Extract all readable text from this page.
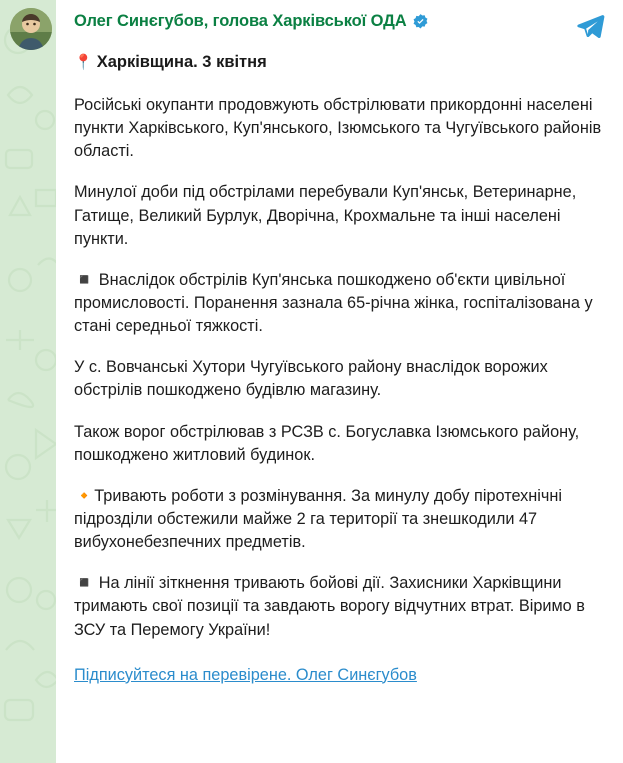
Олег Синєгубов, голова Харківської ОДА
📍 Харківщина. 3 квітня
Російські окупанти продовжують обстрілювати прикордонні населені пункти Харківського, Куп'янського, Ізюмського та Чугуївського районів області.
Минулої доби під обстрілами перебували Куп'янськ, Ветеринарне, Гатище, Великий Бурлук, Дворічна, Крохмальне та інші населені пункти.
◾ Внаслідок обстрілів Куп'янська пошкоджено об'єкти цивільної промисловості. Поранення зазнала 65-річна жінка, госпіталізована у стані середньої тяжкості.
У с. Вовчанські Хутори Чугуївського району внаслідок ворожих обстрілів пошкоджено будівлю магазину.
Також ворог обстрілював з РСЗВ с. Богуславка Ізюмського району, пошкоджено житловий будинок.
🔸Тривають роботи з розмінування. За минулу добу піротехнічні підрозділи обстежили майже 2 га території та знешкодили 47 вибухонебезпечних предметів.
◾ На лінії зіткнення тривають бойові дії. Захисники Харківщини тримають свої позиції та завдають ворогу відчутних втрат. Віримо в ЗСУ та Перемогу України!
Підписуйтеся на перевірене. Олег Синєгубов
